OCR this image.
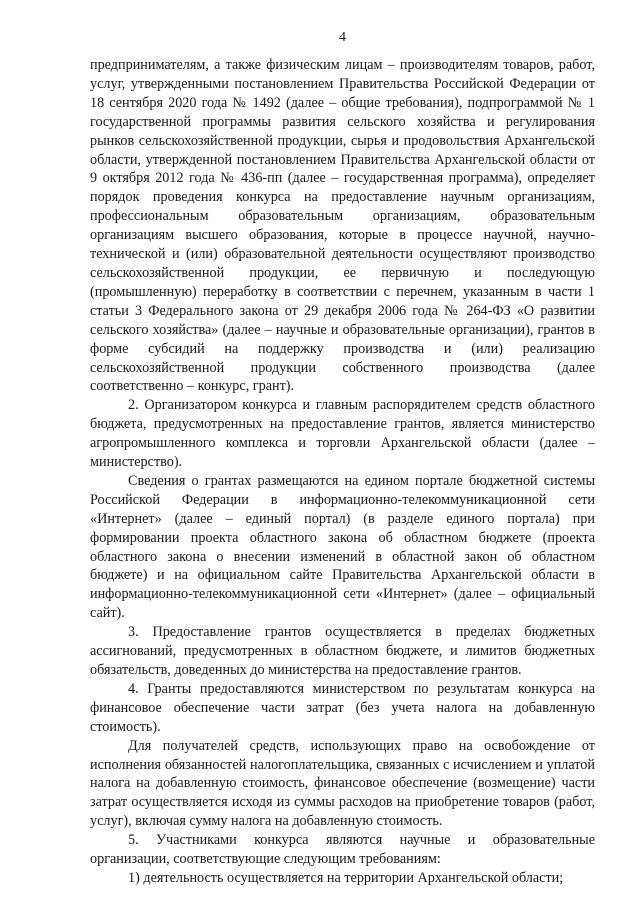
4

предпринимателям, а также физическим лицам – производителям товаров, работ, услуг, утвержденными постановлением Правительства Российской Федерации от 18 сентября 2020 года № 1492 (далее – общие требования), подпрограммой № 1 государственной программы развития сельского хозяйства и регулирования рынков сельскохозяйственной продукции, сырья и продовольствия Архангельской области, утвержденной постановлением Правительства Архангельской области от 9 октября 2012 года № 436-пп (далее – государственная программа), определяет порядок проведения конкурса на предоставление научным организациям, профессиональным образовательным организациям, образовательным организациям высшего образования, которые в процессе научной, научно-технической и (или) образовательной деятельности осуществляют производство сельскохозяйственной продукции, ее первичную и последующую (промышленную) переработку в соответствии с перечнем, указанным в части 1 статьи 3 Федерального закона от 29 декабря 2006 года № 264-ФЗ «О развитии сельского хозяйства» (далее – научные и образовательные организации), грантов в форме субсидий на поддержку производства и (или) реализацию сельскохозяйственной продукции собственного производства (далее соответственно – конкурс, грант).

2. Организатором конкурса и главным распорядителем средств областного бюджета, предусмотренных на предоставление грантов, является министерство агропромышленного комплекса и торговли Архангельской области (далее – министерство).

Сведения о грантах размещаются на едином портале бюджетной системы Российской Федерации в информационно-телекоммуникационной сети «Интернет» (далее – единый портал) (в разделе единого портала) при формировании проекта областного закона об областном бюджете (проекта областного закона о внесении изменений в областной закон об областном бюджете) и на официальном сайте Правительства Архангельской области в информационно-телекоммуникационной сети «Интернет» (далее – официальный сайт).

3. Предоставление грантов осуществляется в пределах бюджетных ассигнований, предусмотренных в областном бюджете, и лимитов бюджетных обязательств, доведенных до министерства на предоставление грантов.

4. Гранты предоставляются министерством по результатам конкурса на финансовое обеспечение части затрат (без учета налога на добавленную стоимость).

Для получателей средств, использующих право на освобождение от исполнения обязанностей налогоплательщика, связанных с исчислением и уплатой налога на добавленную стоимость, финансовое обеспечение (возмещение) части затрат осуществляется исходя из суммы расходов на приобретение товаров (работ, услуг), включая сумму налога на добавленную стоимость.

5. Участниками конкурса являются научные и образовательные организации, соответствующие следующим требованиям:

1) деятельность осуществляется на территории Архангельской области;
